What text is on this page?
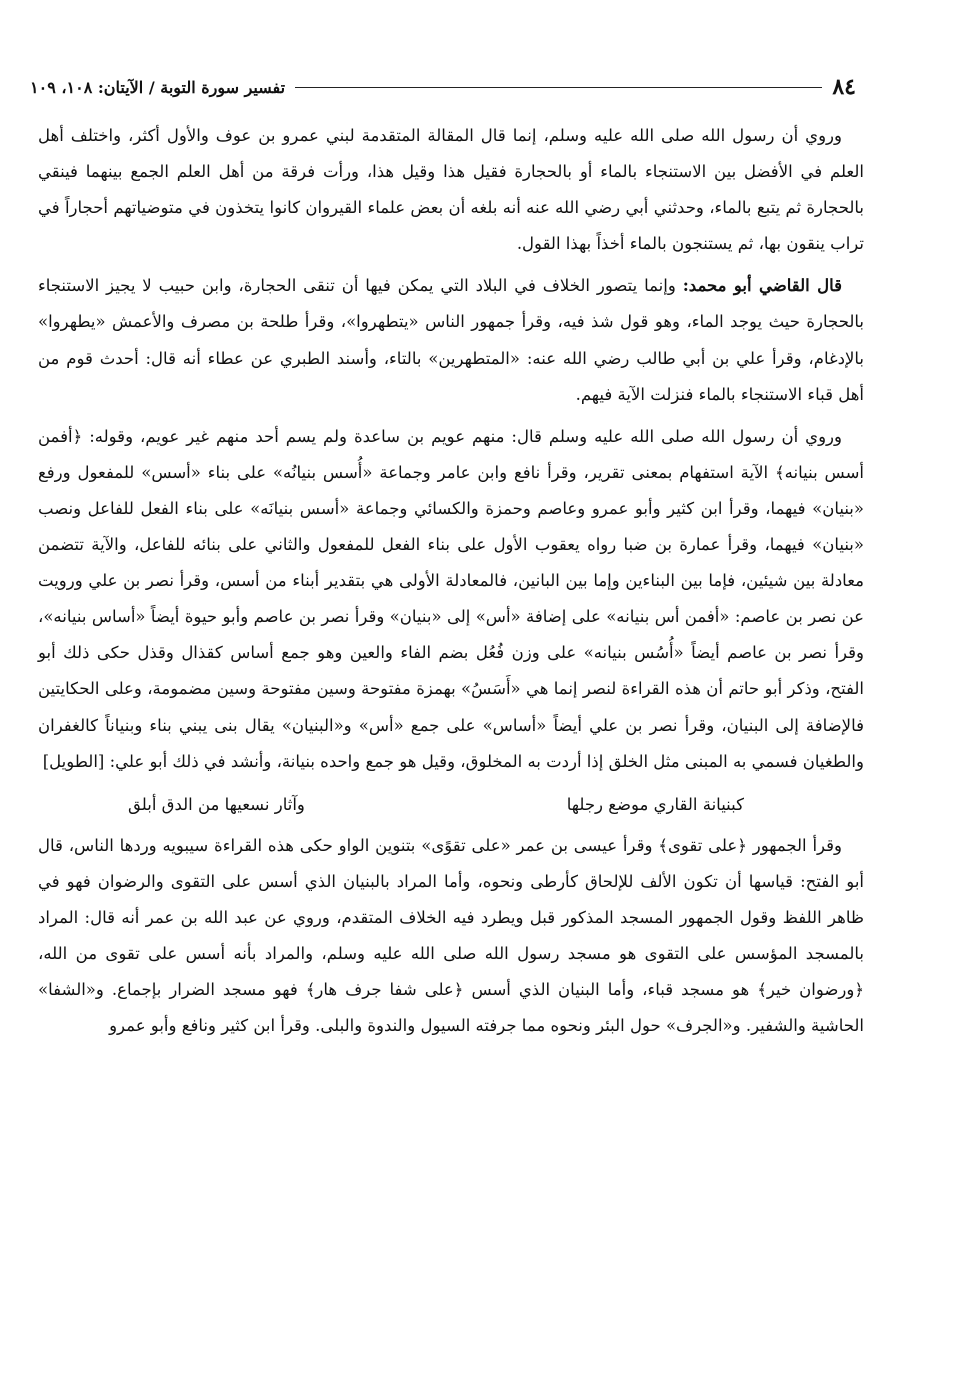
٨٤
تفسير سورة التوبة / الآيتان: ١٠٨، ١٠٩

وروي أن رسول الله صلى الله عليه وسلم، إنما قال المقالة المتقدمة لبني عمرو بن عوف والأول أكثر، واختلف أهل العلم في الأفضل بين الاستنجاء بالماء أو بالحجارة فقيل هذا وقيل هذا، ورأت فرقة من أهل العلم الجمع بينهما فينقي بالحجارة ثم يتبع بالماء، وحدثني أبي رضي الله عنه أنه بلغه أن بعض علماء القيروان كانوا يتخذون في متوضياتهم أحجاراً في تراب ينقون بها، ثم يستنجون بالماء أخذاً بهذا القول.

قال القاضي أبو محمد: وإنما يتصور الخلاف في البلاد التي يمكن فيها أن تنقى الحجارة، وابن حبيب لا يجيز الاستنجاء بالحجارة حيث يوجد الماء، وهو قول شذ فيه، وقرأ جمهور الناس «يتطهروا»، وقرأ طلحة بن مصرف والأعمش «يطهروا» بالإدغام، وقرأ علي بن أبي طالب رضي الله عنه: «المتطهرين» بالتاء، وأسند الطبري عن عطاء أنه قال: أحدث قوم من أهل قباء الاستنجاء بالماء فنزلت الآية فيهم.

وروي أن رسول الله صلى الله عليه وسلم قال: منهم عويم بن ساعدة ولم يسم أحد منهم غير عويم، وقوله: ﴿أفمن أسس بنيانه﴾ الآية استفهام بمعنى تقرير، وقرأ نافع وابن عامر وجماعة «أُسس بنيانُه» على بناء «أسس» للمفعول ورفع «بنيان» فيهما، وقرأ ابن كثير وأبو عمرو وعاصم وحمزة والكسائي وجماعة «أسس بنيانَه» على بناء الفعل للفاعل ونصب «بنيان» فيهما، وقرأ عمارة بن ضبا رواه يعقوب الأول على بناء الفعل للمفعول والثاني على بنائه للفاعل، والآية تتضمن معادلة بين شيئين، فإما بين البناءين وإما بين البانين، فالمعادلة الأولى هي بتقدير أبناء من أسس، وقرأ نصر بن علي ورويت عن نصر بن عاصم: «أفمن أس بنيانه» على إضافة «أس» إلى «بنيان» وقرأ نصر بن عاصم وأبو حيوة أيضاً «أساس بنيانه»، وقرأ نصر بن عاصم أيضاً «أُسُس بنيانه» على وزن فُعُل بضم الفاء والعين وهو جمع أساس كقذال وقذل حكى ذلك أبو الفتح، وذكر أبو حاتم أن هذه القراءة لنصر إنما هي «أَسَسُ» بهمزة مفتوحة وسين مفتوحة وسين مضمومة، وعلى الحكايتين فالإضافة إلى البنيان، وقرأ نصر بن علي أيضاً «أساس» على جمع «أس» و«البنيان» يقال بنى يبني بناء وبنياناً كالغفران والطغيان فسمي به المبنى مثل الخلق إذا أردت به المخلوق، وقيل هو جمع واحده بنيانة، وأنشد في ذلك أبو علي: [الطويل]

كبنيانة القاري موضع رجلها
وآثار نسعيها من الدق أبلق

وقرأ الجمهور ﴿على تقوى﴾ وقرأ عيسى بن عمر «على تقوًى» بتنوين الواو حكى هذه القراءة سيبويه وردها الناس، قال أبو الفتح: قياسها أن تكون الألف للإلحاق كأرطى ونحوه، وأما المراد بالبنيان الذي أسس على التقوى والرضوان فهو في ظاهر اللفظ وقول الجمهور المسجد المذكور قبل ويطرد فيه الخلاف المتقدم، وروي عن عبد الله بن عمر أنه قال: المراد بالمسجد المؤسس على التقوى هو مسجد رسول الله صلى الله عليه وسلم، والمراد بأنه أسس على تقوى من الله، ﴿ورضوان خير﴾ هو مسجد قباء، وأما البنيان الذي أسس ﴿على شفا جرف هار﴾ فهو مسجد الضرار بإجماع. و«الشفا» الحاشية والشفير. و«الجرف» حول البئر ونحوه مما جرفته السيول والندوة والبلى. وقرأ ابن كثير ونافع وأبو عمرو
